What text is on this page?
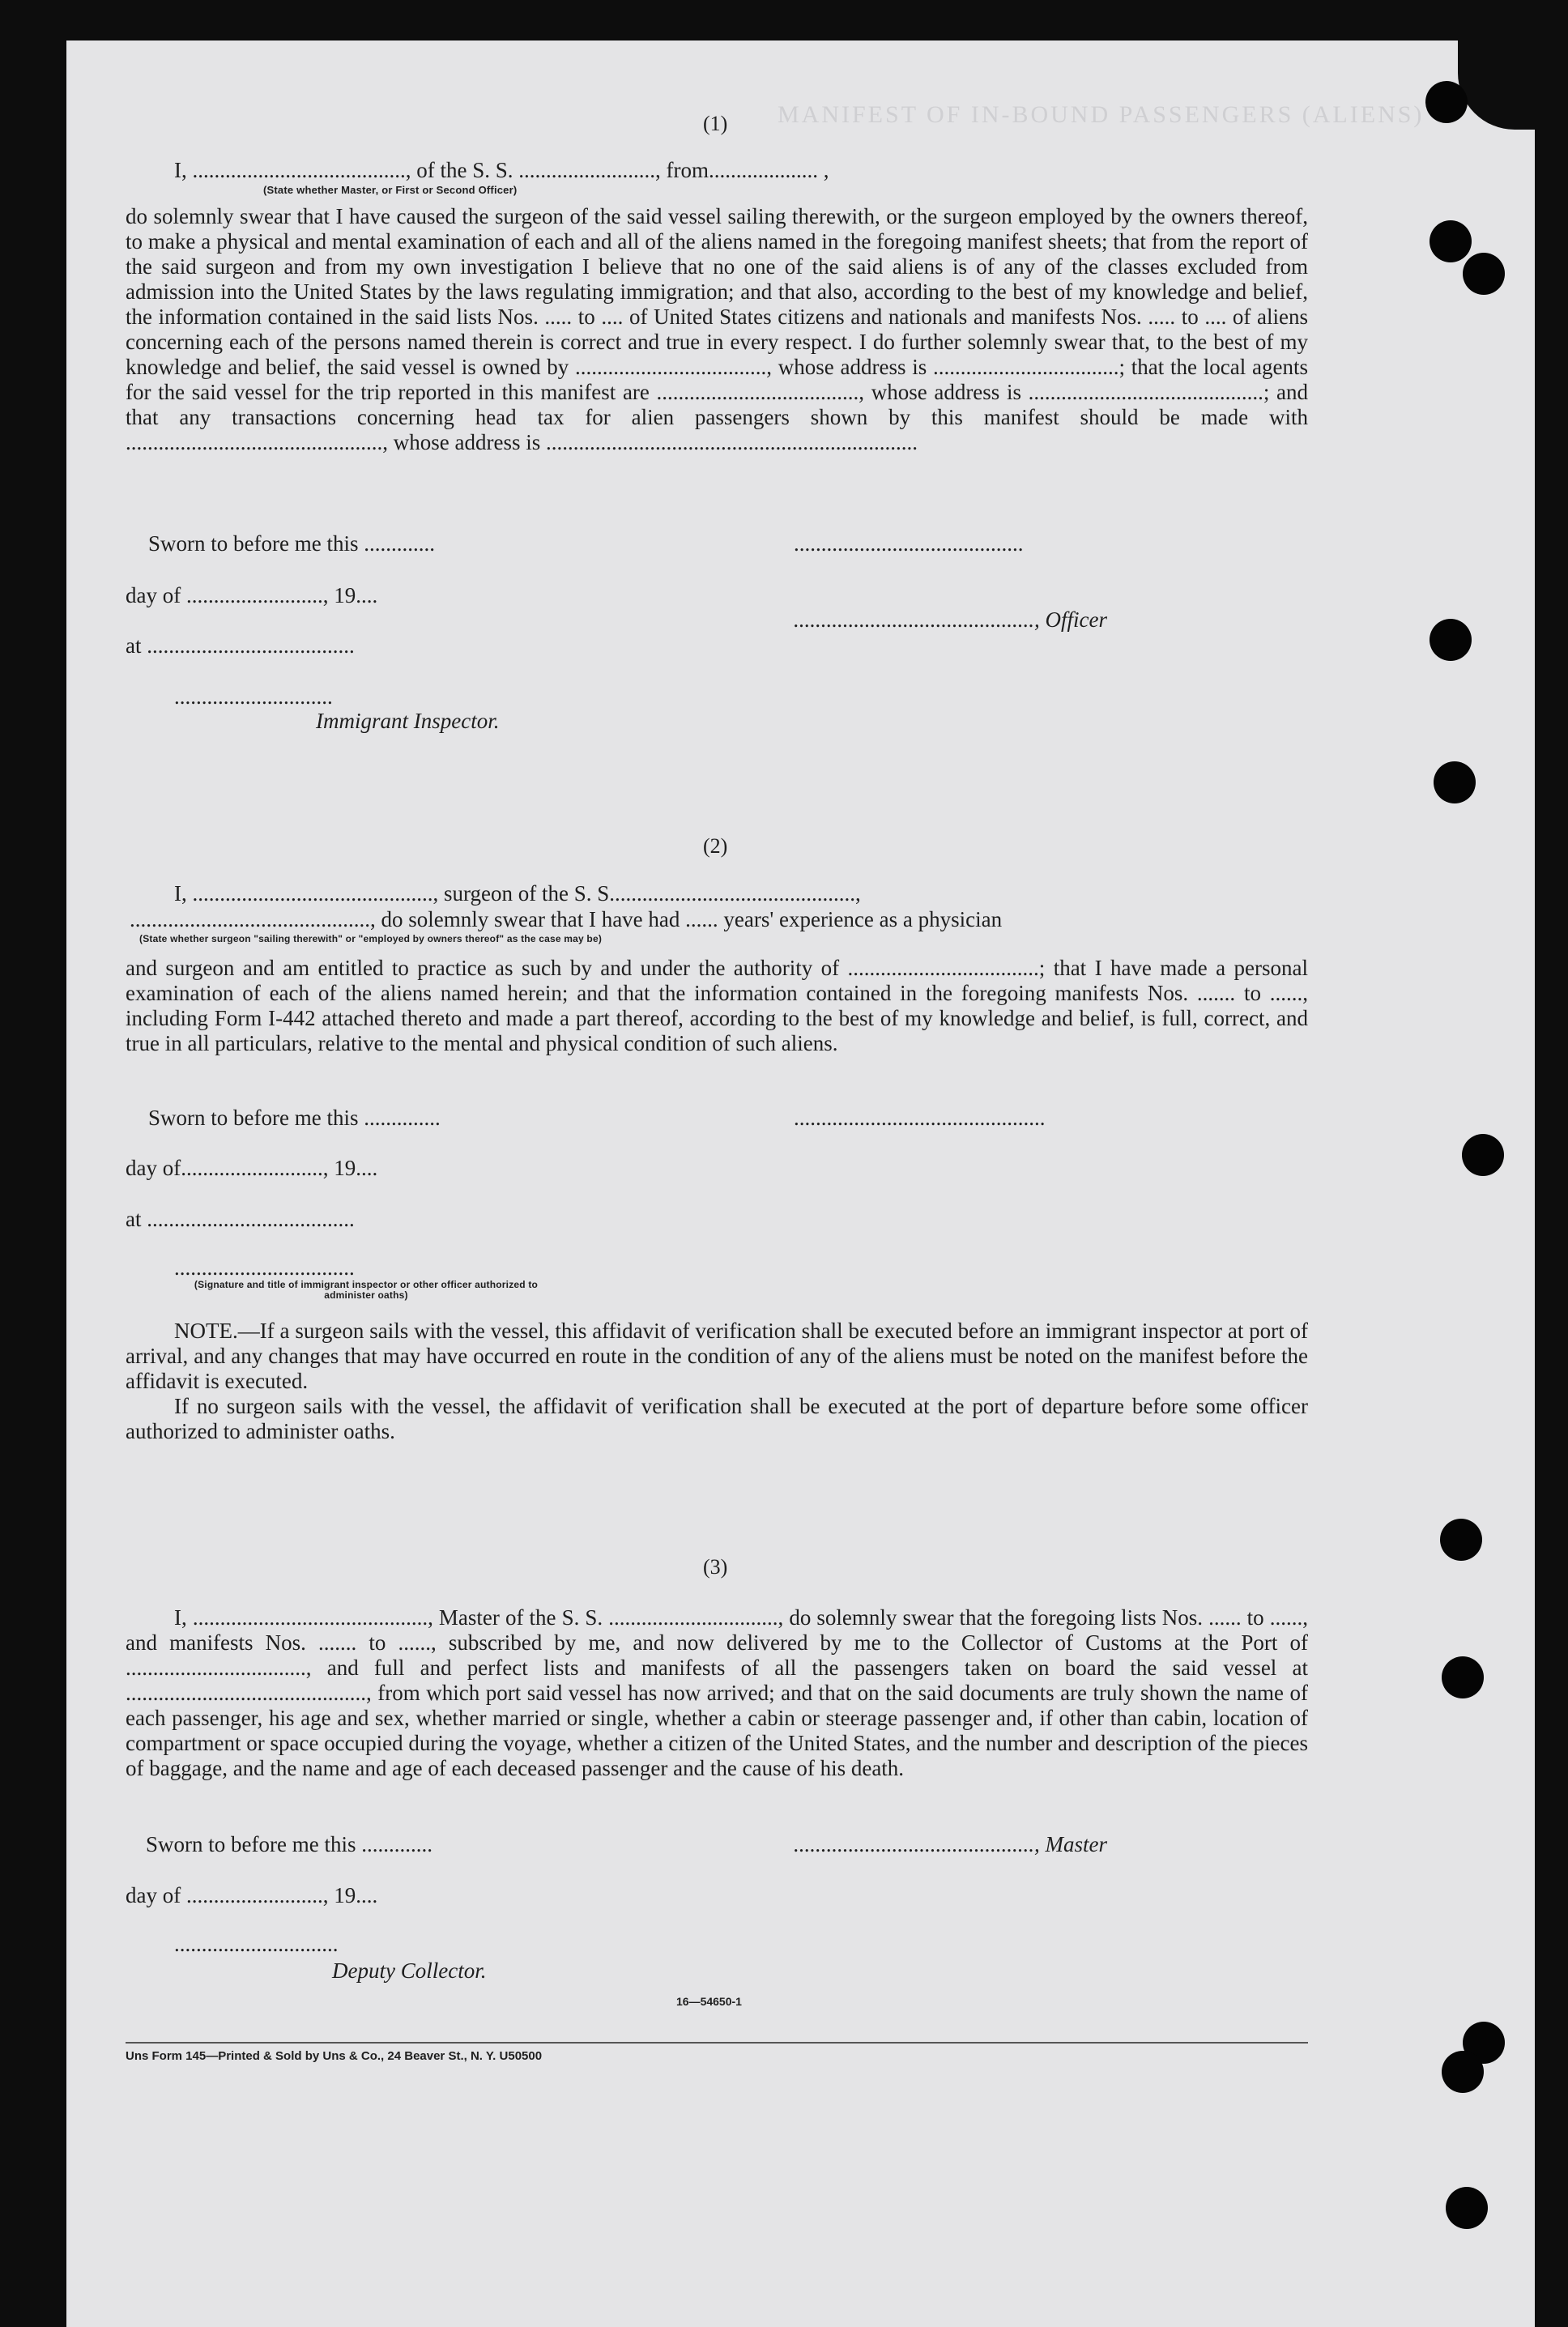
MANIFEST OF IN-BOUND PASSENGERS (ALIENS)
(1)
I, ......................................., of the S. S. ........................., from.................... ,
(State whether Master, or First or Second Officer)

do solemnly swear that I have caused the surgeon of the said vessel sailing therewith, or the surgeon employed by the owners thereof, to make a physical and mental examination of each and all of the aliens named in the foregoing manifest sheets; that from the report of the said surgeon and from my own investigation I believe that no one of the said aliens is of any of the classes excluded from admission into the United States by the laws regulating immigration; and that also, according to the best of my knowledge and belief, the information contained in the said lists Nos. ..... to .... of United States citizens and nationals and manifests Nos. ..... to .... of aliens concerning each of the persons named therein is correct and true in every respect. I do further solemnly swear that, to the best of my knowledge and belief, the said vessel is owned by ..................................., whose address is ..................................; that the local agents for the said vessel for the trip reported in this manifest are ....................................., whose address is ...........................................; and that any transactions concerning head tax for alien passengers shown by this manifest should be made with ..............................................., whose address is ....................................................................

Sworn to before me this .............	..........................................
day of ........................., 19....
............................................, Officer
at ......................................
.............................
Immigrant Inspector.
(2)
I, ............................................, surgeon of the S. S.............................................,
............................................, do solemnly swear that I have had ...... years' experience as a physician
(State whether surgeon "sailing therewith" or "employed by owners thereof" as the case may be)

and surgeon and am entitled to practice as such by and under the authority of ...................................; that I have made a personal examination of each of the aliens named herein; and that the information contained in the foregoing manifests Nos. ....... to ......, including Form I-442 attached thereto and made a part thereof, according to the best of my knowledge and belief, is full, correct, and true in all particulars, relative to the mental and physical condition of such aliens.

Sworn to before me this ..............	..............................................
day of.........................., 19....
at ......................................
.................................
(Signature and title of immigrant inspector or other officer authorized to administer oaths)

NOTE.—If a surgeon sails with the vessel, this affidavit of verification shall be executed before an immigrant inspector at port of arrival, and any changes that may have occurred en route in the condition of any of the aliens must be noted on the manifest before the affidavit is executed.

If no surgeon sails with the vessel, the affidavit of verification shall be executed at the port of departure before some officer authorized to administer oaths.

(3)

I, ..........................................., Master of the S. S. ..............................., do solemnly swear that the foregoing lists Nos. ...... to ......, and manifests Nos. ....... to ......, subscribed by me, and now delivered by me to the Collector of Customs at the Port of ................................., and full and perfect lists and manifests of all the passengers taken on board the said vessel at ............................................, from which port said vessel has now arrived; and that on the said documents are truly shown the name of each passenger, his age and sex, whether married or single, whether a cabin or steerage passenger and, if other than cabin, location of compartment or space occupied during the voyage, whether a citizen of the United States, and the number and description of the pieces of baggage, and the name and age of each deceased passenger and the cause of his death.

Sworn to before me this .............	............................................, Master
day of ........................., 19....
..............................
Deputy Collector.
16—54650-1
Uns Form 145—Printed & Sold by Uns & Co., 24 Beaver St., N. Y. U50500
